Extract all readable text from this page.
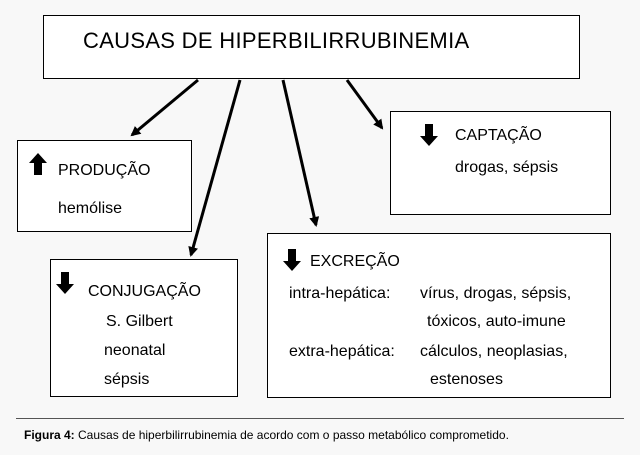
CAUSAS DE HIPERBILIRRUBINEMIA
PRODUÇÃO
hemólise
CONJUGAÇÃO
S. Gilbert
neonatal
sépsis
EXCREÇÃO
intra-hepática: vírus, drogas, sépsis,
tóxicos, auto-imune
extra-hepática: cálculos, neoplasias,
estenoses
CAPTAÇÃO
drogas, sépsis
Figura 4: Causas de hiperbilirrubinemia de acordo com o passo metabólico comprometido.
